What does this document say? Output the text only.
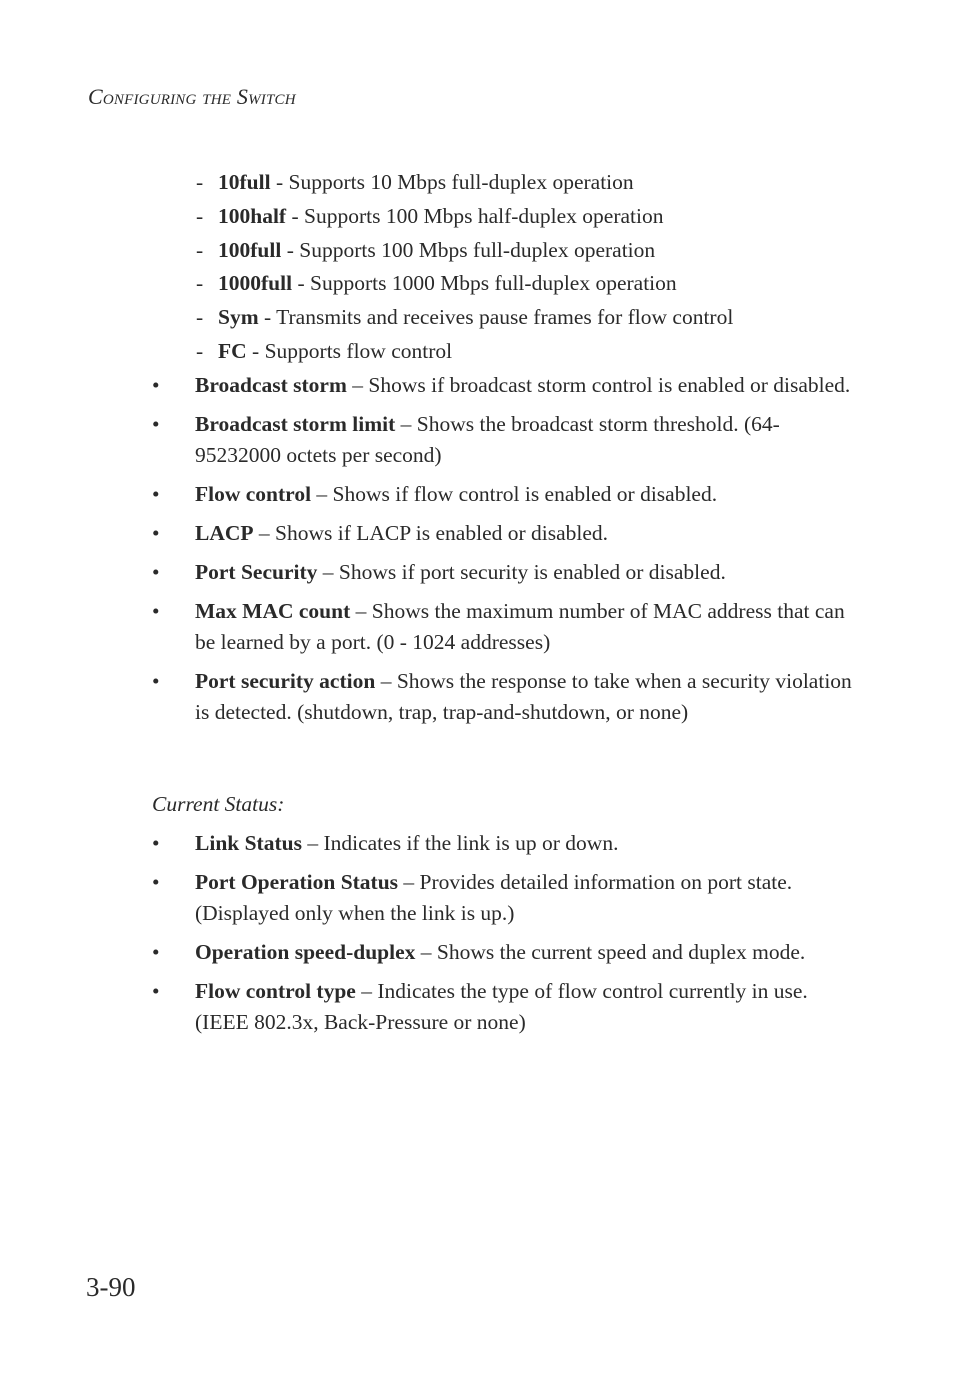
Configuring the Switch
- 10full - Supports 10 Mbps full-duplex operation
- 100half - Supports 100 Mbps half-duplex operation
- 100full - Supports 100 Mbps full-duplex operation
- 1000full - Supports 1000 Mbps full-duplex operation
- Sym - Transmits and receives pause frames for flow control
- FC - Supports flow control
• Broadcast storm – Shows if broadcast storm control is enabled or disabled.
• Broadcast storm limit – Shows the broadcast storm threshold. (64-95232000 octets per second)
• Flow control – Shows if flow control is enabled or disabled.
• LACP – Shows if LACP is enabled or disabled.
• Port Security – Shows if port security is enabled or disabled.
• Max MAC count – Shows the maximum number of MAC address that can be learned by a port. (0 - 1024 addresses)
• Port security action – Shows the response to take when a security violation is detected. (shutdown, trap, trap-and-shutdown, or none)
Current Status:
• Link Status – Indicates if the link is up or down.
• Port Operation Status – Provides detailed information on port state. (Displayed only when the link is up.)
• Operation speed-duplex – Shows the current speed and duplex mode.
• Flow control type – Indicates the type of flow control currently in use. (IEEE 802.3x, Back-Pressure or none)
3-90
